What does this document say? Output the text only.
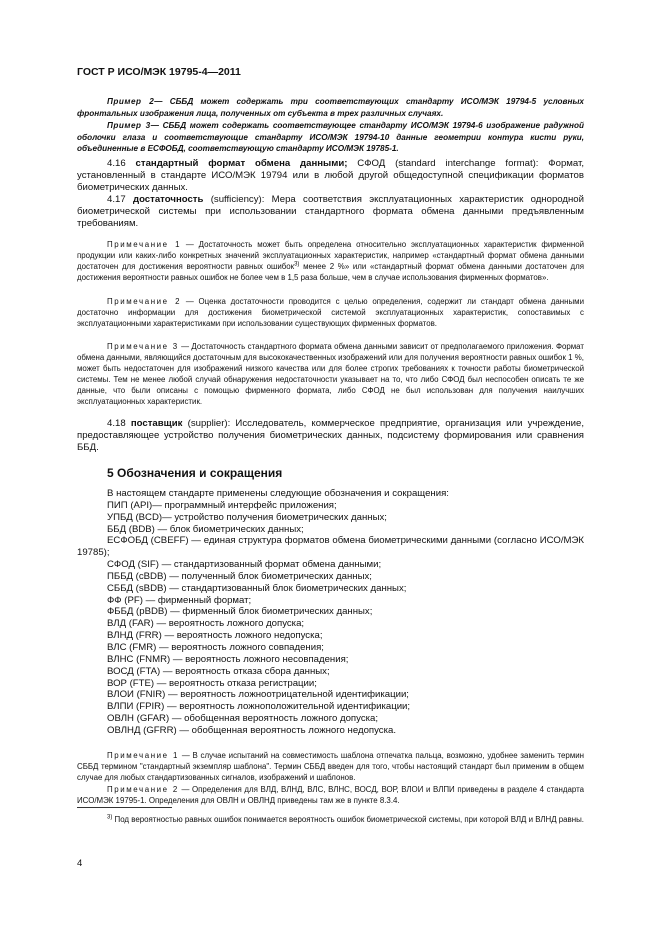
ГОСТ Р ИСО/МЭК 19795-4—2011
Пример 2— СББД может содержать три соответствующих стандарту ИСО/МЭК 19794-5 условных фронтальных изображения лица, полученных от субъекта в трех различных случаях.
Пример 3— СББД может содержать соответствующее стандарту ИСО/МЭК 19794-6 изображение радужной оболочки глаза и соответствующие стандарту ИСО/МЭК 19794-10 данные геометрии контура кисти руки, объединенные в ЕСФОБД, соответствующую стандарту ИСО/МЭК 19785-1.
4.16 стандартный формат обмена данными; СФОД (standard interchange format): Формат, установленный в стандарте ИСО/МЭК 19794 или в любой другой общедоступной спецификации форматов биометрических данных.
4.17 достаточность (sufficiency): Мера соответствия эксплуатационных характеристик однородной биометрической системы при использовании стандартного формата обмена данными предъявленным требованиям.
Примечание 1 — Достаточность может быть определена относительно эксплуатационных характеристик фирменной продукции или каких-либо конкретных значений эксплуатационных характеристик, например «стандартный формат обмена данными достаточен для достижения вероятности равных ошибок$^{3)}$ менее 2 %» или «стандартный формат обмена данными достаточен для достижения вероятности равных ошибок не более чем в 1,5 раза больше, чем в случае использования фирменных форматов».
Примечание 2 — Оценка достаточности проводится с целью определения, содержит ли стандарт обмена данными достаточно информации для достижения биометрической системой эксплуатационных характеристик, сопоставимых с эксплуатационными характеристиками при использовании существующих фирменных форматов.
Примечание 3 — Достаточность стандартного формата обмена данными зависит от предполагаемого приложения. Формат обмена данными, являющийся достаточным для высококачественных изображений или для получения вероятности равных ошибок 1 %, может быть недостаточен для изображений низкого качества или для более строгих требованиях к точности работы биометрической системы. Тем не менее любой случай обнаружения недостаточности указывает на то, что либо СФОД был неспособен описать те же данные, что были описаны с помощью фирменного формата, либо СФОД не был использован для получения наилучших эксплуатационных характеристик.
4.18 поставщик (supplier): Исследователь, коммерческое предприятие, организация или учреждение, предоставляющее устройство получения биометрических данных, подсистему формирования или сравнения ББД.
5 Обозначения и сокращения
В настоящем стандарте применены следующие обозначения и сокращения:
ПИП (API)— программный интерфейс приложения;
УПБД (BCD)— устройство получения биометрических данных;
ББД (BDB) — блок биометрических данных;
ЕСФОБД (CBEFF) — единая структура форматов обмена биометрическими данными (согласно ИСО/МЭК 19785);
СФОД (SIF) — стандартизованный формат обмена данными;
ПББД (cBDB) — полученный блок биометрических данных;
СББД (sBDB) — стандартизованный блок биометрических данных;
ФФ (PF) — фирменный формат;
ФББД (pBDB) — фирменный блок биометрических данных;
ВЛД (FAR) — вероятность ложного допуска;
ВЛНД (FRR) — вероятность ложного недопуска;
ВЛС (FMR) — вероятность ложного совпадения;
ВЛНС (FNMR) — вероятность ложного несовпадения;
ВОСД (FTA) — вероятность отказа сбора данных;
ВОР (FTE) — вероятность отказа регистрации;
ВЛОИ (FNIR) — вероятность ложноотрицательной идентификации;
ВЛПИ (FPIR) — вероятность ложноположительной идентификации;
ОВЛН (GFAR) — обобщенная вероятность ложного допуска;
ОВЛНД (GFRR) — обобщенная вероятность ложного недопуска.
Примечание 1 — В случае испытаний на совместимость шаблона отпечатка пальца, возможно, удобнее заменить термин СББД термином "стандартный экземпляр шаблона". Термин СББД введен для того, чтобы настоящий стандарт был применим в общем случае для любых стандартизованных сигналов, изображений и шаблонов.
Примечание 2 — Определения для ВЛД, ВЛНД, ВЛС, ВЛНС, ВОСД, ВОР, ВЛОИ и ВЛПИ приведены в разделе 4 стандарта ИСО/МЭК 19795-1. Определения для ОВЛН и ОВЛНД приведены там же в пункте 8.3.4.
$^{3)}$ Под вероятностью равных ошибок понимается вероятность ошибок биометрической системы, при которой ВЛД и ВЛНД равны.
4
